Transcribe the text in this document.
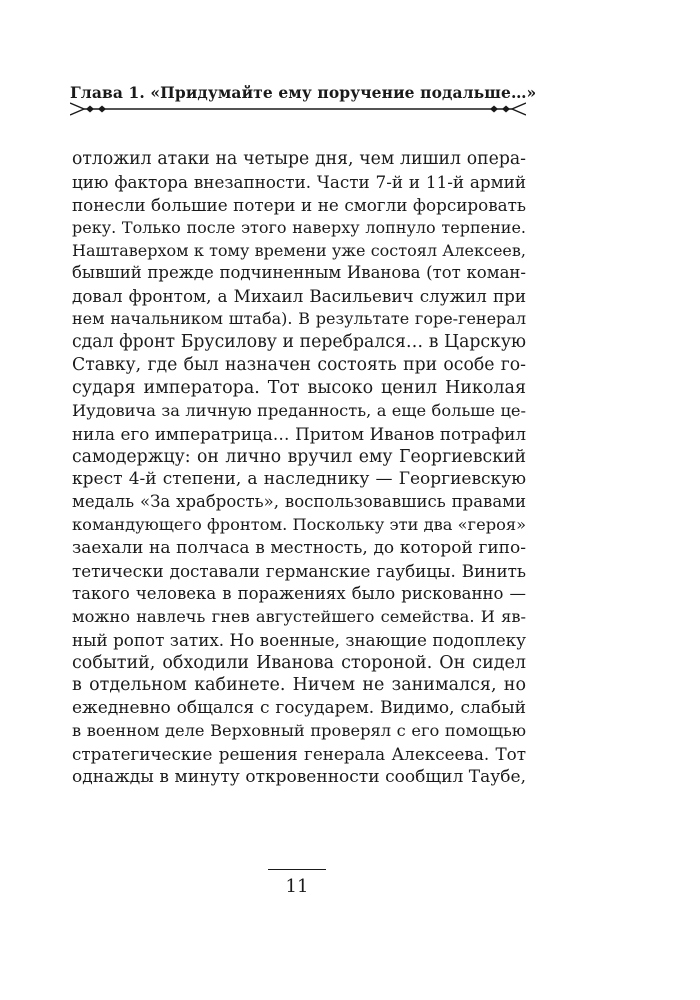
Глава 1. «Придумайте ему поручение подальше…»
отложил атаки на четыре дня, чем лишил опера-
цию фактора внезапности. Части 7-й и 11-й армий
понесли большие потери и не смогли форсировать
реку. Только после этого наверху лопнуло терпение.
Наштаверхом к тому времени уже состоял Алексеев,
бывший прежде подчиненным Иванова (тот коман-
довал фронтом, а Михаил Васильевич служил при
нем начальником штаба). В результате горе-генерал
сдал фронт Брусилову и перебрался… в Царскую
Ставку, где был назначен состоять при особе го-
сударя императора. Тот высоко ценил Николая
Иудовича за личную преданность, а еще больше це-
нила его императрица… Притом Иванов потрафил
самодержцу: он лично вручил ему Георгиевский
крест 4-й степени, а наследнику — Георгиевскую
медаль «За храбрость», воспользовавшись правами
командующего фронтом. Поскольку эти два «героя»
заехали на полчаса в местность, до которой гипо-
тетически доставали германские гаубицы. Винить
такого человека в поражениях было рискованно —
можно навлечь гнев августейшего семейства. И яв-
ный ропот затих. Но военные, знающие подоплеку
событий, обходили Иванова стороной. Он сидел
в отдельном кабинете. Ничем не занимался, но
ежедневно общался с государем. Видимо, слабый
в военном деле Верховный проверял с его помощью
стратегические решения генерала Алексеева. Тот
однажды в минуту откровенности сообщил Таубе,
11
